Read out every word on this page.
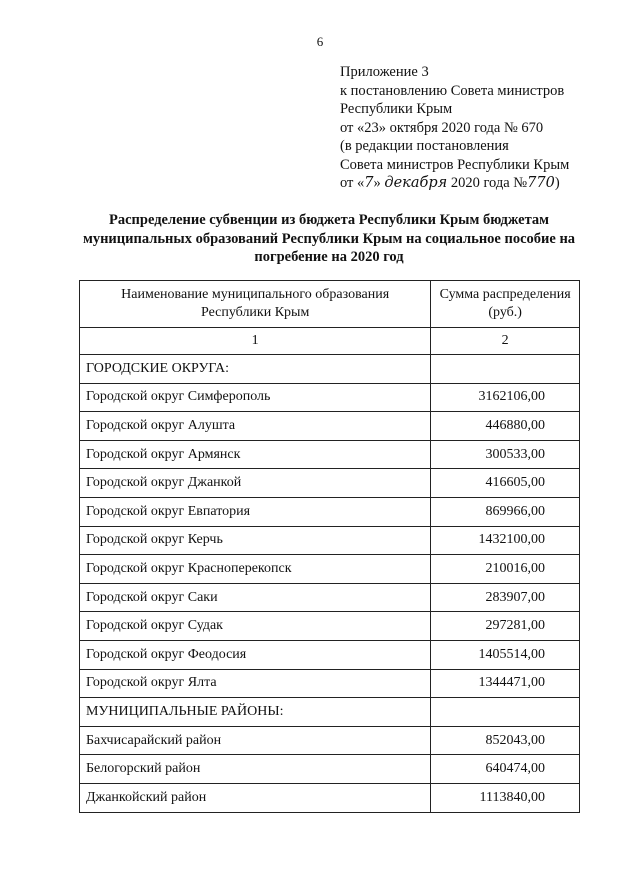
6
Приложение 3
к постановлению Совета министров
Республики Крым
от «23» октября 2020 года № 670
(в редакции постановления
Совета министров Республики Крым
от «7» декабря 2020 года №770)
Распределение субвенции из бюджета Республики Крым бюджетам муниципальных образований Республики Крым на социальное пособие на погребение на 2020 год
Наименование муниципального образования Республики Крым	Сумма распределения (руб.)
1	2
ГОРОДСКИЕ ОКРУГА:	
Городской округ Симферополь	3162106,00
Городской округ Алушта	446880,00
Городской округ Армянск	300533,00
Городской округ Джанкой	416605,00
Городской округ Евпатория	869966,00
Городской округ Керчь	1432100,00
Городской округ Красноперекопск	210016,00
Городской округ Саки	283907,00
Городской округ Судак	297281,00
Городской округ Феодосия	1405514,00
Городской округ Ялта	1344471,00
МУНИЦИПАЛЬНЫЕ РАЙОНЫ:	
Бахчисарайский район	852043,00
Белогорский район	640474,00
Джанкойский район	1113840,00
